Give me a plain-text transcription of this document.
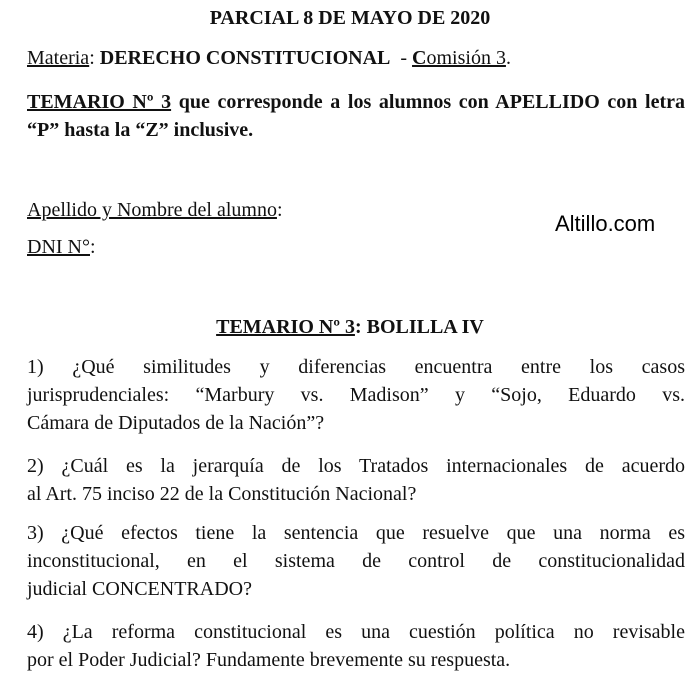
PARCIAL 8 DE MAYO DE 2020
Materia: DERECHO CONSTITUCIONAL  - Comisión 3.
TEMARIO Nº 3 que corresponde a los alumnos con APELLIDO con letra “P” hasta la “Z” inclusive.
Apellido y Nombre del alumno:
DNI N°:
Altillo.com
TEMARIO Nº 3: BOLILLA IV
1) ¿Qué similitudes y diferencias encuentra entre los casos
jurisprudenciales: “Marbury vs. Madison” y “Sojo, Eduardo vs.
Cámara de Diputados de la Nación”?
2) ¿Cuál es la jerarquía de los Tratados internacionales de acuerdo
al Art. 75 inciso 22 de la Constitución Nacional?
3) ¿Qué efectos tiene la sentencia que resuelve que una norma es
inconstitucional, en el sistema de control de constitucionalidad
judicial CONCENTRADO?
4) ¿La reforma constitucional es una cuestión política no revisable
por el Poder Judicial? Fundamente brevemente su respuesta.
